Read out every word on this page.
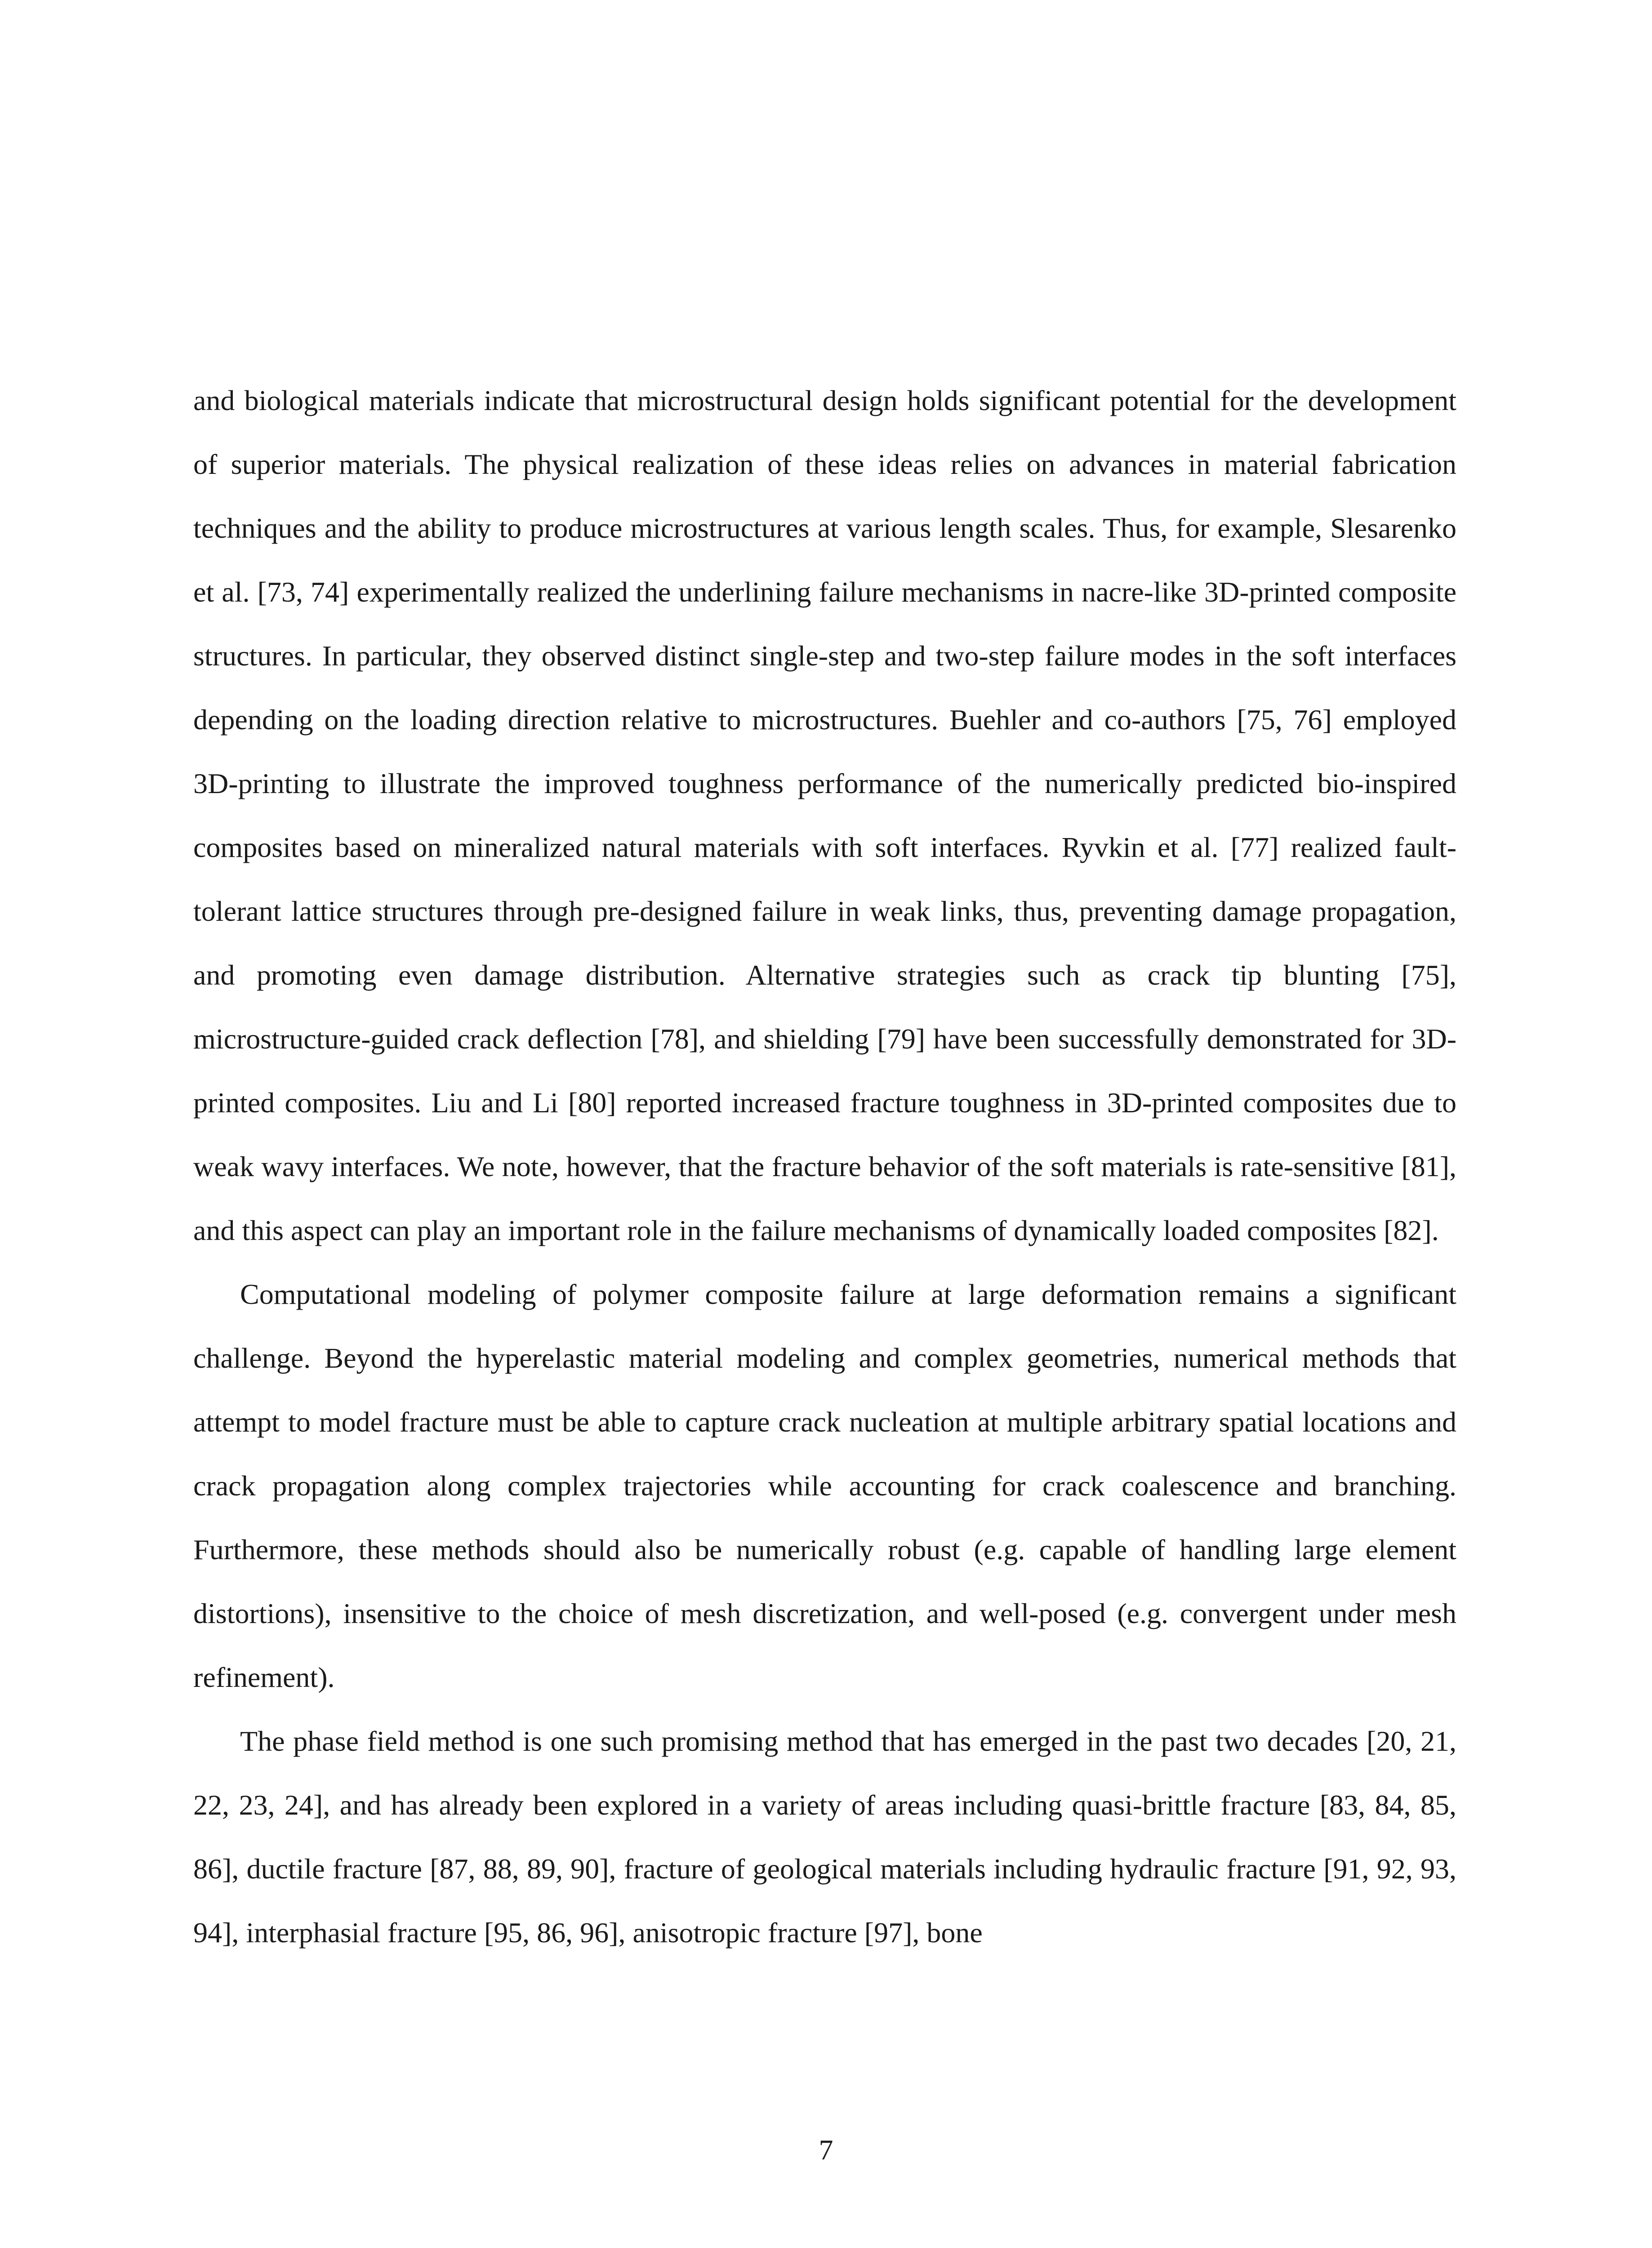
and biological materials indicate that microstructural design holds significant potential for the development of superior materials. The physical realization of these ideas relies on advances in material fabrication techniques and the ability to produce microstructures at various length scales. Thus, for example, Slesarenko et al. [73, 74] experimentally realized the underlining failure mechanisms in nacre-like 3D-printed composite structures. In particular, they observed distinct single-step and two-step failure modes in the soft interfaces depending on the loading direction relative to microstructures. Buehler and co-authors [75, 76] employed 3D-printing to illustrate the improved toughness performance of the numerically predicted bio-inspired composites based on mineralized natural materials with soft interfaces. Ryvkin et al. [77] realized fault-tolerant lattice structures through pre-designed failure in weak links, thus, preventing damage propagation, and promoting even damage distribution. Alternative strategies such as crack tip blunting [75], microstructure-guided crack deflection [78], and shielding [79] have been successfully demonstrated for 3D-printed composites. Liu and Li [80] reported increased fracture toughness in 3D-printed composites due to weak wavy interfaces. We note, however, that the fracture behavior of the soft materials is rate-sensitive [81], and this aspect can play an important role in the failure mechanisms of dynamically loaded composites [82].

Computational modeling of polymer composite failure at large deformation remains a significant challenge. Beyond the hyperelastic material modeling and complex geometries, numerical methods that attempt to model fracture must be able to capture crack nucleation at multiple arbitrary spatial locations and crack propagation along complex trajectories while accounting for crack coalescence and branching. Furthermore, these methods should also be numerically robust (e.g. capable of handling large element distortions), insensitive to the choice of mesh discretization, and well-posed (e.g. convergent under mesh refinement).

The phase field method is one such promising method that has emerged in the past two decades [20, 21, 22, 23, 24], and has already been explored in a variety of areas including quasi-brittle fracture [83, 84, 85, 86], ductile fracture [87, 88, 89, 90], fracture of geological materials including hydraulic fracture [91, 92, 93, 94], interphasial fracture [95, 86, 96], anisotropic fracture [97], bone

7
